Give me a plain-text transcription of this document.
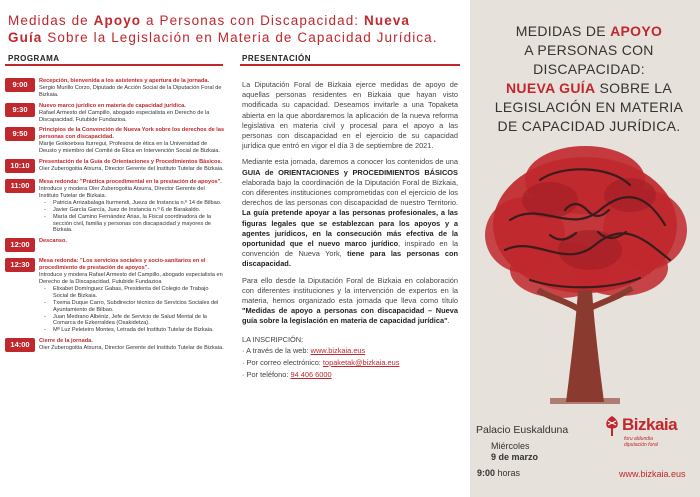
Medidas de Apoyo a Personas con Discapacidad: Nueva
Guía Sobre la Legislación en Materia de Capacidad Jurídica.
PROGRAMA	PRESENTACIÓN
9:00	Recepción, bienvenida a los asistentes y apertura de la jornada.
Sergio Murillo Corzo, Diputado de Acción Social de la Diputación Foral de Bizkaia.
9:30	Nuevo marco jurídico en materia de capacidad jurídica.
Rafael Armesto del Campillo, abogado especialista en Derecho de la Discapacidad. Futubide Fundazioa.
9:50	Principios de la Convención de Nueva York sobre los derechos de las personas con discapacidad.
Marije Goikoetxea Iturregui, Profesora de ética en la Universidad de Deusto y miembro del Comité de Ética en Intervención Social de Bizkaia.
10:10	Presentación de la Guía de Orientaciones y Procedimientos Básicos.
Oier Zuberogoitia Atxurra, Director Gerente del Instituto Tutelar de Bizkaia.
11:00	Mesa redonda: "Práctica procedimental en la prestación de apoyos".
Introduce y modera Oier Zuberogoitia Atxurra, Director Gerente del Instituto Tutelar de Bizkaia.
- Patricia Arrizabalaga Iturmendi, Jueza de Instancia n.º 14 de Bilbao.
- Javier García García, Juez de Instancia n.º 6 de Barakaldo.
- María del Camino Fernández Arias, la Fiscal coordinadora de la sección civil, familia y personas con discapacidad y mayores de Bizkaia.
12:00	Descanso.
12:30	Mesa redonda: "Los servicios sociales y socio-sanitarios en el procedimiento de prestación de apoyos".
Introduce y modera Rafael Armesto del Campillo, abogado especialista en Derecho de la Discapacidad. Futubide Fundazioa
- Elixabet Domínguez Gabas, Presidenta del Colegio de Trabajo Social de Bizkaia.
- Txema Duque Carro, Subdirector técnico de Servicios Sociales del Ayuntamiento de Bilbao.
- Juan Medrano Albéniz, Jefe de Servicio de Salud Mental de la Comarca de Ezkerraldea (Osakidetza).
- Mª Luz Peleteiro Montes, Letrada del Instituto Tutelar de Bizkaia.
14:00	Cierre de la jornada.
Oier Zuberogoitia Atxurra, Director Gerente del Instituto Tutelar de Bizkaia.

La Diputación Foral de Bizkaia ejerce medidas de apoyo de aquellas personas residentes en Bizkaia que hayan visto modificada su capacidad. Deseamos invitarle a una Topaketa abierta en la que abordaremos la aplicación de la nueva reforma legislativa en materia civil y procesal para el apoyo a las personas con discapacidad en el ejercicio de su capacidad jurídica que entró en vigor el día 3 de septiembre de 2021.

Mediante esta jornada, daremos a conocer los contenidos de una GUIA de ORIENTACIONES y PROCEDIMIENTOS BÁSICOS elaborada bajo la coordinación de la Diputación Foral de Bizkaia, con diferentes instituciones comprometidas con el ejercicio de los derechos de las personas con discapacidad de nuestro Territorio. La guía pretende apoyar a las personas profesionales, a las figuras legales que se establezcan para los apoyos y a agentes jurídicos, en la consecución más efectiva de la oportunidad que el nuevo marco jurídico, inspirado en la convención de Nueva York, tiene para las personas con discapacidad.

Para ello desde la Diputación Foral de Bizkaia en colaboración con diferentes instituciones y la intervención de expertos en la materia, hemos organizado esta jornada que lleva como título "Medidas de apoyo a personas con discapacidad – Nueva guía sobre la legislación en materia de capacidad jurídica".

LA INSCRIPCIÓN:
· A través de la web: www.bizkaia.eus
· Por correo electrónico: topaketak@bizkaia.eus
· Por teléfono: 94 406 6000
MEDIDAS DE APOYO
A PERSONAS CON
DISCAPACIDAD:
NUEVA GUÍA SOBRE LA
LEGISLACIÓN EN MATERIA
DE CAPACIDAD JURÍDICA.
Palacio Euskalduna
Miércoles
9 de marzo
9:00 horas
Bizkaia
foru aldundia
diputación foral
www.bizkaia.eus
